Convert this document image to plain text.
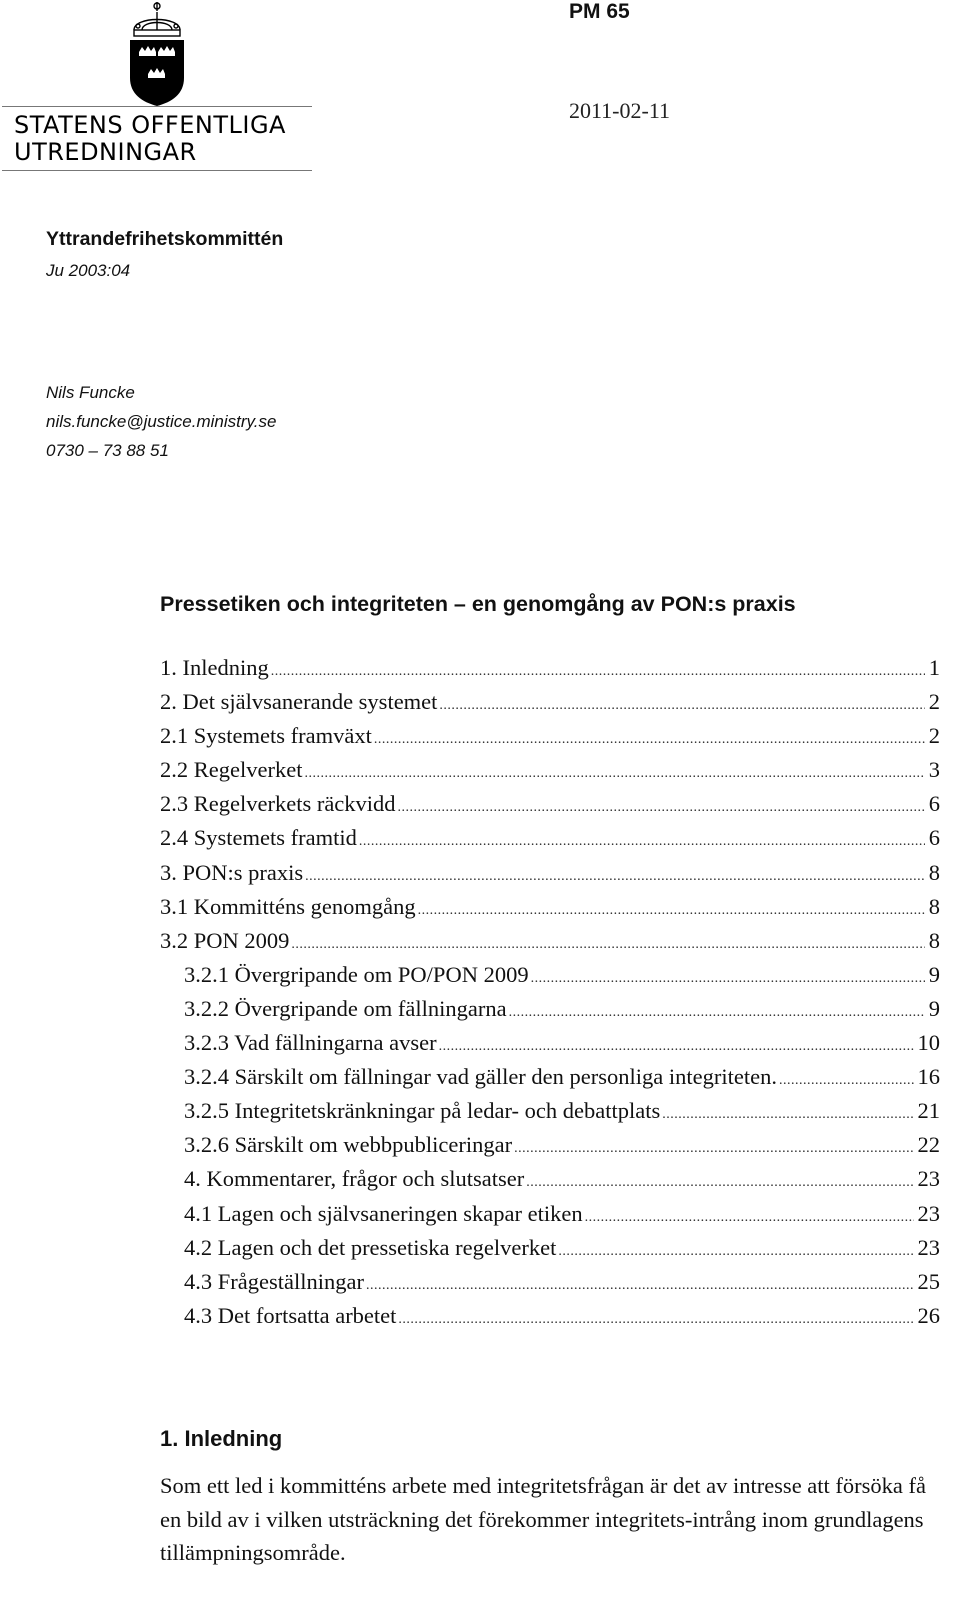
STATENS OFFENTLIGA
UTREDNINGAR
PM 65
2011-02-11
Yttrandefrihetskommittén
Ju 2003:04
Nils Funcke
nils.funcke@justice.ministry.se
0730 – 73 88 51
Pressetiken och integriteten – en genomgång av PON:s praxis
1. Inledning .....	1
2. Det självsanerande systemet .....	2
2.1 Systemets framväxt .....	2
2.2 Regelverket .....	3
2.3 Regelverkets räckvidd .....	6
2.4 Systemets framtid .....	6
3. PON:s praxis .....	8
3.1 Kommitténs genomgång .....	8
3.2 PON 2009 .....	8
3.2.1 Övergripande om PO/PON 2009 .....	9
3.2.2 Övergripande om fällningarna .....	9
3.2.3 Vad fällningarna avser .....	10
3.2.4 Särskilt om fällningar vad gäller den personliga integriteten. .....	16
3.2.5 Integritetskränkningar på ledar- och debattplats .....	21
3.2.6 Särskilt om webbpubliceringar .....	22
4. Kommentarer, frågor och slutsatser .....	23
4.1 Lagen och självsaneringen skapar etiken .....	23
4.2 Lagen och det pressetiska regelverket .....	23
4.3 Frågeställningar .....	25
4.3 Det fortsatta arbetet .....	26
1. Inledning
Som ett led i kommitténs arbete med integritetsfrågan är det av intresse att försöka få en bild av i vilken utsträckning det förekommer integritets-intrång inom grundlagens tillämpningsområde.
